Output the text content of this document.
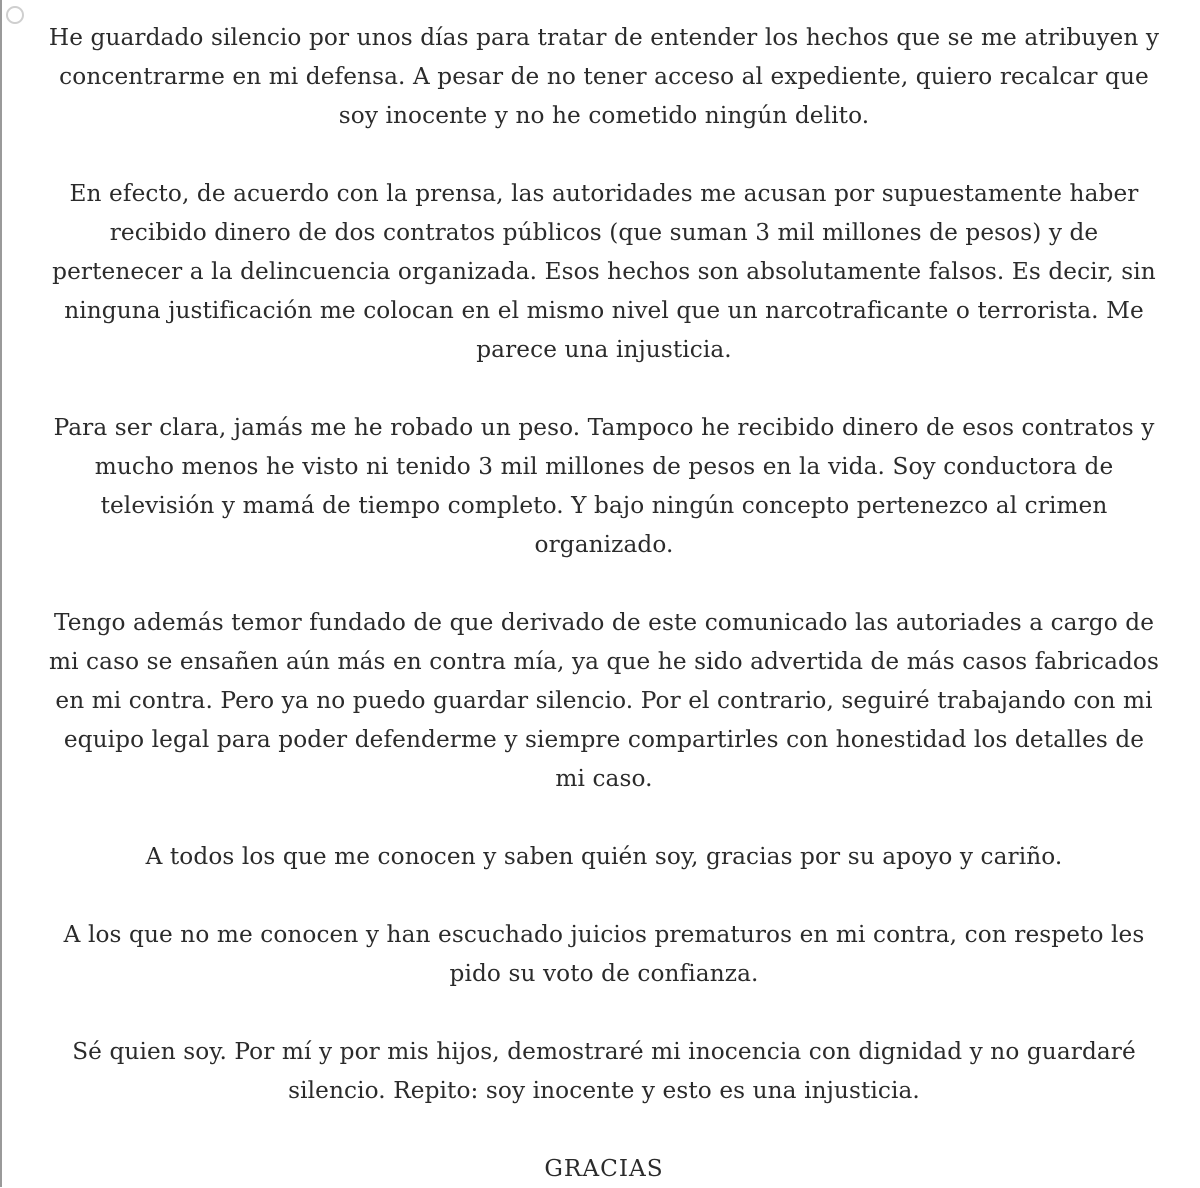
He guardado silencio por unos días para tratar de entender los hechos que se me atribuyen y concentrarme en mi defensa. A pesar de no tener acceso al expediente, quiero recalcar que soy inocente y no he cometido ningún delito.

En efecto, de acuerdo con la prensa, las autoridades me acusan por supuestamente haber recibido dinero de dos contratos públicos (que suman 3 mil millones de pesos) y de pertenecer a la delincuencia organizada. Esos hechos son absolutamente falsos. Es decir, sin ninguna justificación me colocan en el mismo nivel que un narcotraficante o terrorista. Me parece una injusticia.

Para ser clara, jamás me he robado un peso. Tampoco he recibido dinero de esos contratos y mucho menos he visto ni tenido 3 mil millones de pesos en la vida. Soy conductora de televisión y mamá de tiempo completo. Y bajo ningún concepto pertenezco al crimen organizado.

Tengo además temor fundado de que derivado de este comunicado las autoriades a cargo de mi caso se ensañen aún más en contra mía, ya que he sido advertida de más casos fabricados en mi contra. Pero ya no puedo guardar silencio. Por el contrario, seguiré trabajando con mi equipo legal para poder defenderme y siempre compartirles con honestidad los detalles de mi caso.

A todos los que me conocen y saben quién soy, gracias por su apoyo y cariño.

A los que no me conocen y han escuchado juicios prematuros en mi contra, con respeto les pido su voto de confianza.

Sé quien soy. Por mí y por mis hijos, demostraré mi inocencia con dignidad y no guardaré silencio. Repito: soy inocente y esto es una injusticia.

GRACIAS
